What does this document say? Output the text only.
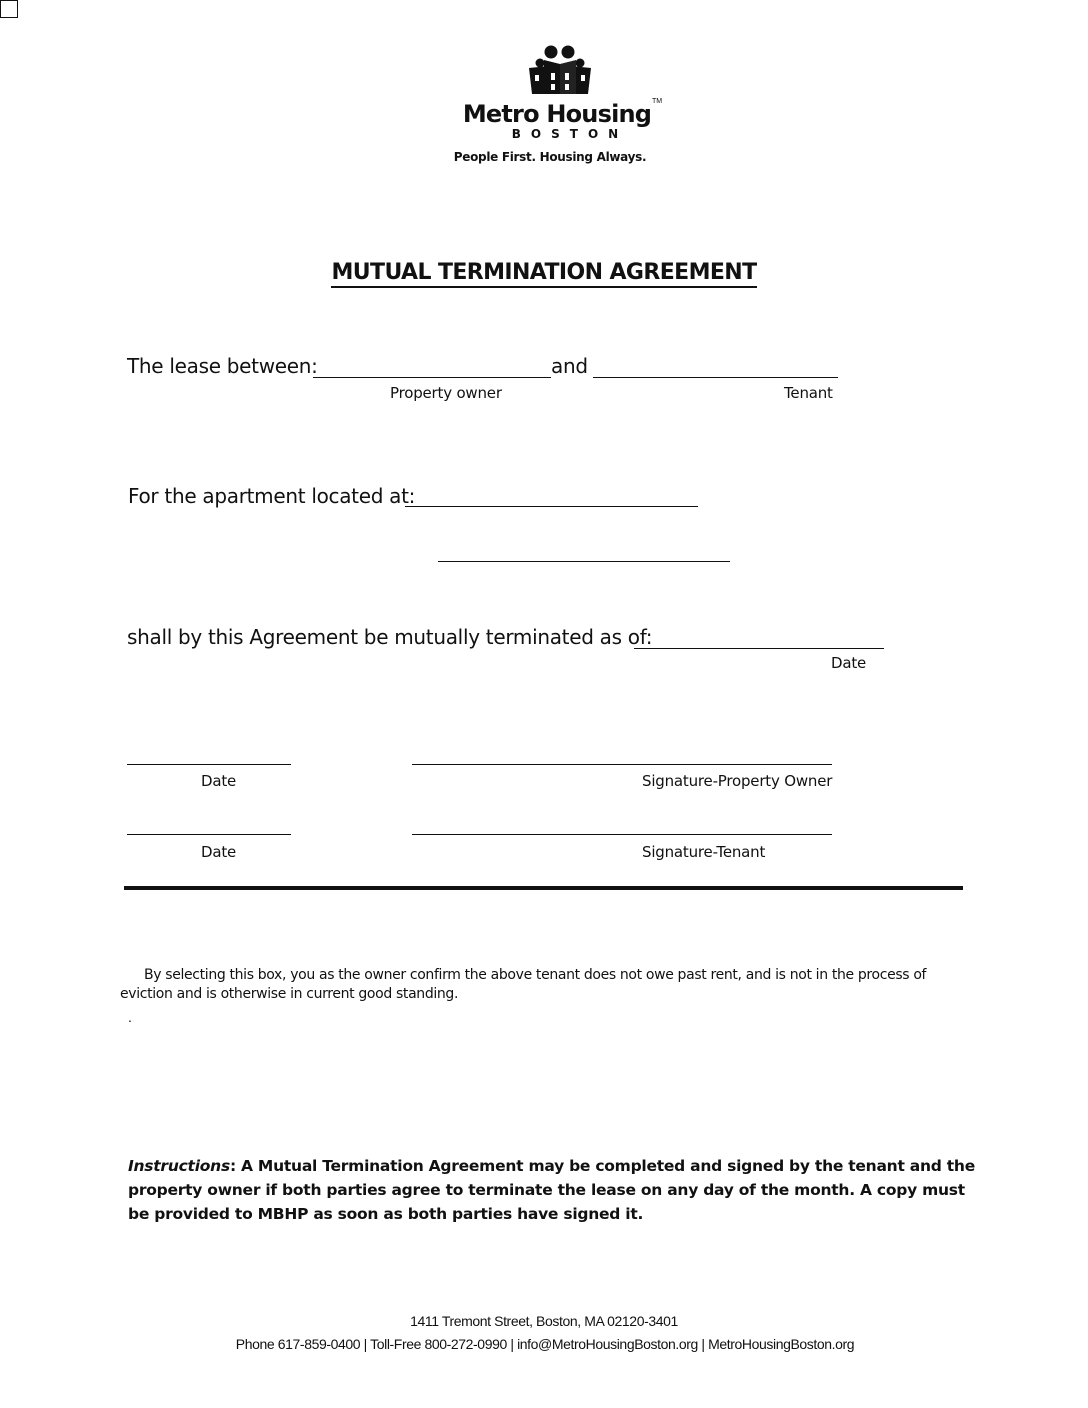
Metro Housing TM
BOSTON
People First. Housing Always.
MUTUAL TERMINATION AGREEMENT
The lease between:	and
Property owner	Tenant
For the apartment located at:
shall by this Agreement be mutually terminated as of:
Date
Date	Signature-Property Owner
Date	Signature-Tenant
By selecting this box, you as the owner confirm the above tenant does not owe past rent, and is not in the process of eviction and is otherwise in current good standing.
.
Instructions: A Mutual Termination Agreement may be completed and signed by the tenant and the property owner if both parties agree to terminate the lease on any day of the month. A copy must be provided to MBHP as soon as both parties have signed it.
1411 Tremont Street, Boston, MA 02120-3401
Phone 617-859-0400 | Toll-Free 800-272-0990 | info@MetroHousingBoston.org | MetroHousingBoston.org
